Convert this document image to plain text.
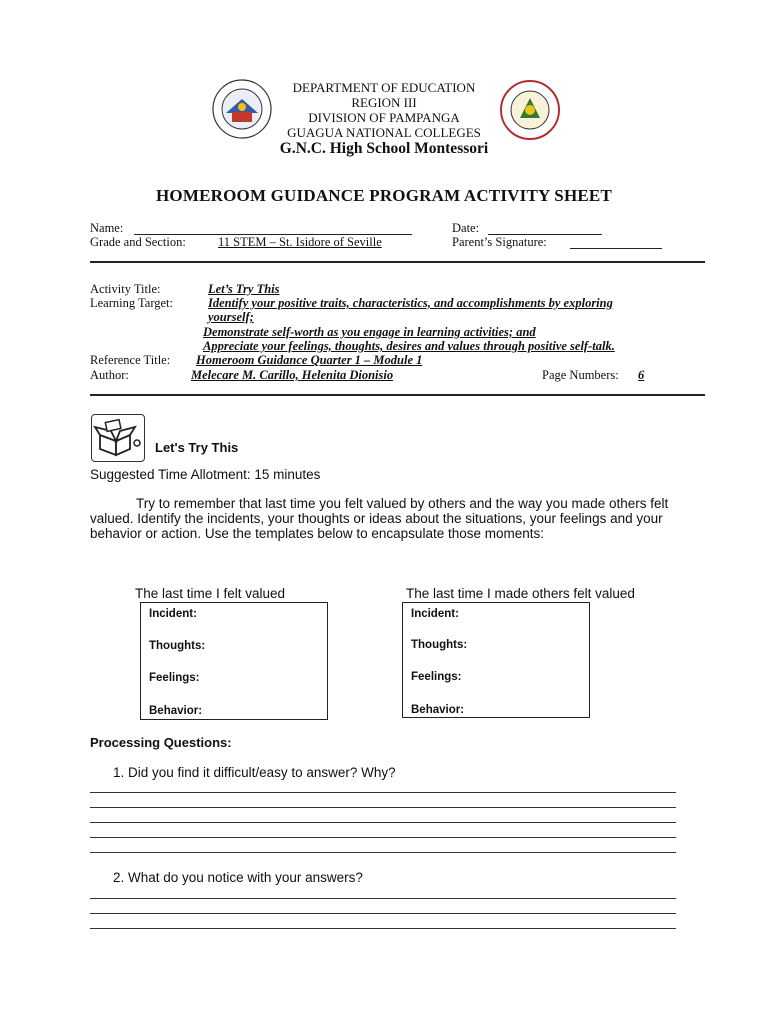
DEPARTMENT OF EDUCATION
REGION III
DIVISION OF PAMPANGA
GUAGUA NATIONAL COLLEGES
G.N.C. High School Montessori
HOMEROOM GUIDANCE PROGRAM ACTIVITY SHEET
Name:	Date:
Grade and Section:	11 STEM – St. Isidore of Seville	Parent’s Signature:
Activity Title:	Let’s Try This
Learning Target:	Identify your positive traits, characteristics, and accomplishments by exploring
yourself;
Demonstrate self-worth as you engage in learning activities; and
Appreciate your feelings, thoughts, desires and values through positive self-talk.
Reference Title: Homeroom Guidance Quarter 1 – Module 1
Author:	Melecare M. Carillo, Helenita Dionisio	Page Numbers: 6
Let's Try This
Suggested Time Allotment: 15 minutes
Try to remember that last time you felt valued by others and the way you made others felt valued. Identify the incidents, your thoughts or ideas about the situations, your feelings and your behavior or action. Use the templates below to encapsulate those moments:
The last time I felt valued	The last time I made others felt valued
Incident:
Thoughts:
Feelings:
Behavior:
Incident:
Thoughts:
Feelings:
Behavior:
Processing Questions:
1. Did you find it difficult/easy to answer? Why?
2. What do you notice with your answers?
